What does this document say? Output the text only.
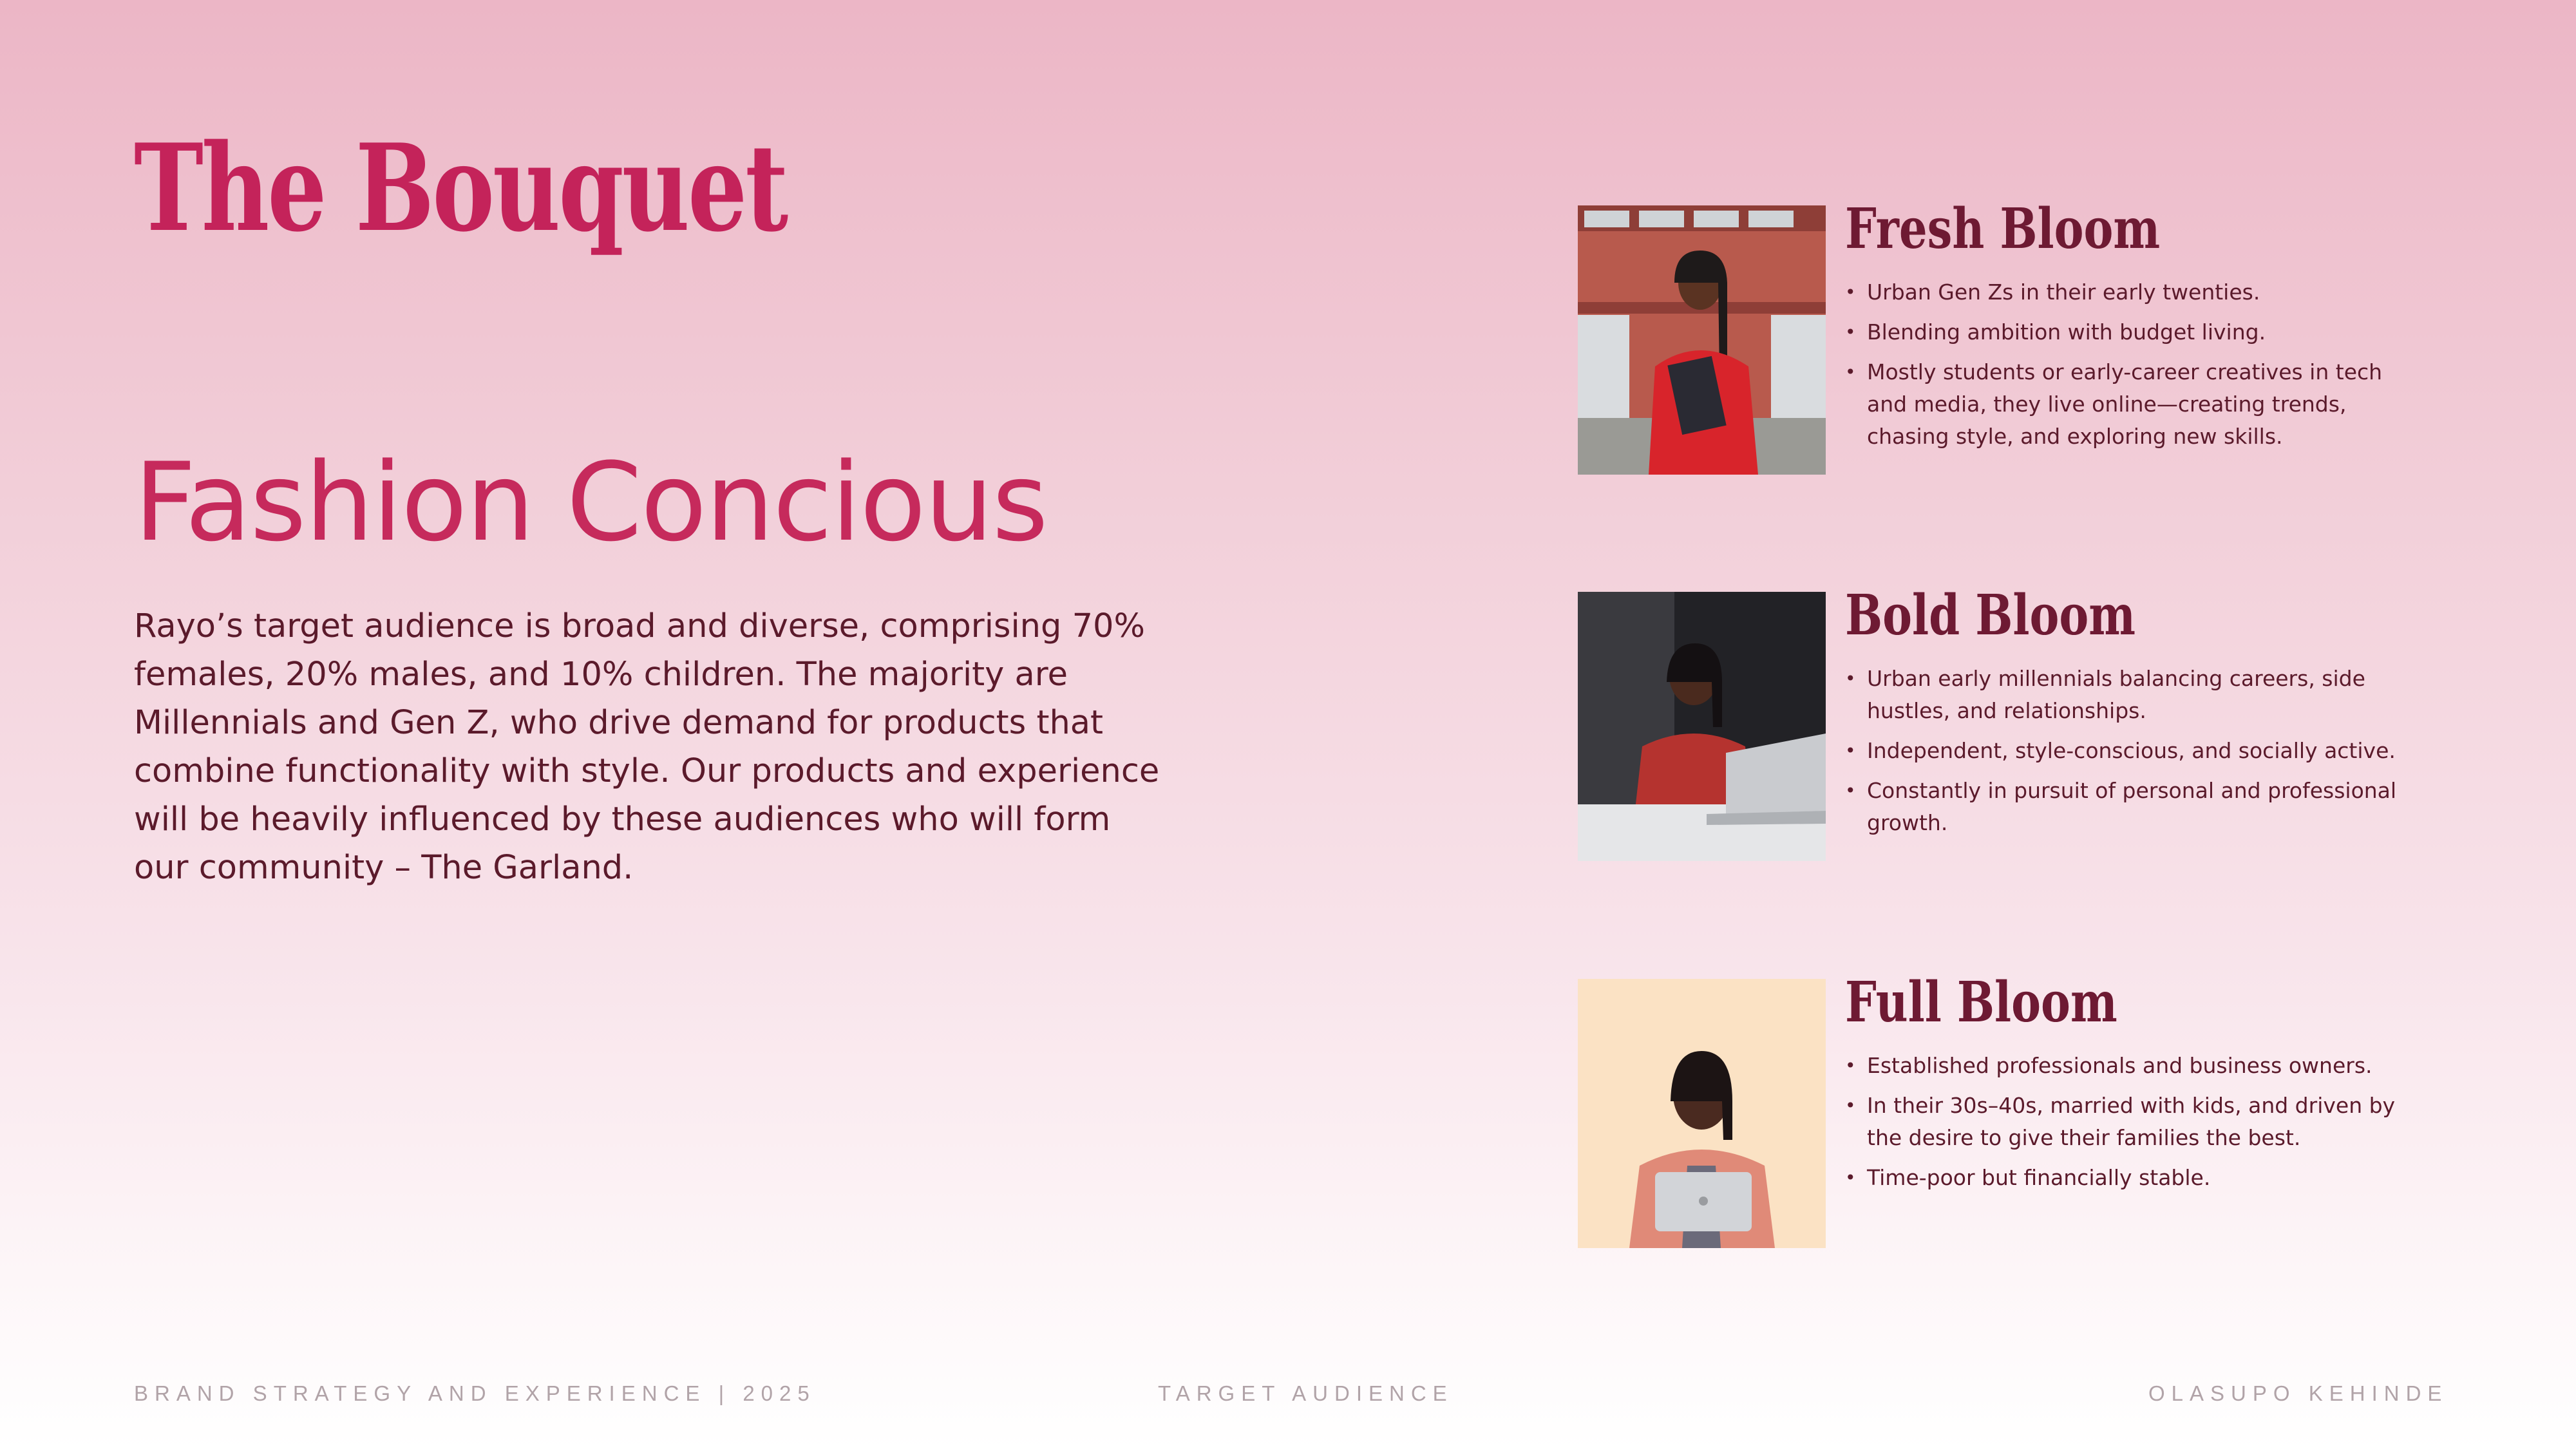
The Bouquet
Fashion Concious

Rayo’s target audience is broad and diverse, comprising 70% females, 20% males, and 10% children. The majority are Millennials and Gen Z, who drive demand for products that combine functionality with style. Our products and experience will be heavily influenced by these audiences who will form our community – The Garland.

Fresh Bloom
• Urban Gen Zs in their early twenties.
• Blending ambition with budget living.
• Mostly students or early-career creatives in tech and media, they live online—creating trends, chasing style, and exploring new skills.
Bold Bloom
• Urban early millennials balancing careers, side hustles, and relationships.
• Independent, style-conscious, and socially active.
• Constantly in pursuit of personal and professional growth.
Full Bloom
• Established professionals and business owners.
• In their 30s–40s, married with kids, and driven by the desire to give their families the best.
• Time-poor but financially stable.
BRAND STRATEGY AND EXPERIENCE | 2025	TARGET AUDIENCE	OLASUPO KEHINDE
